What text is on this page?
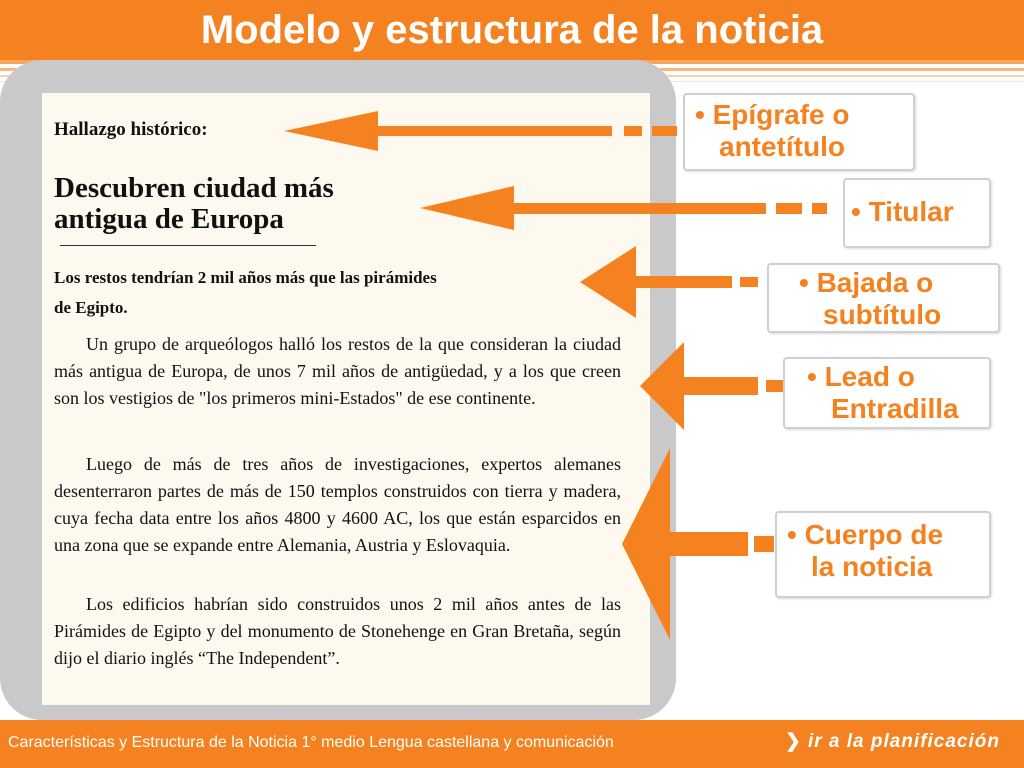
Modelo y estructura de la noticia
Hallazgo histórico:
Descubren ciudad más
antigua de Europa
Los restos tendrían 2 mil años más que las pirámides
de Egipto.

Un grupo de arqueólogos halló los restos de la que consideran la ciudad más antigua de Europa, de unos 7 mil años de antigüedad, y a los que creen son los vestigios de "los primeros mini-Estados" de ese continente.

Luego de más de tres años de investigaciones, expertos alemanes desenterraron partes de más de 150 templos construidos con tierra y madera, cuya fecha data entre los años 4800 y 4600 AC, los que están esparcidos en una zona que se expande entre Alemania, Austria y Eslovaquia.

Los edificios habrían sido construidos unos 2 mil años antes de las Pirámides de Egipto y del monumento de Stonehenge en Gran Bretaña, según dijo el diario inglés “The Independent”.

• Epígrafe o
antetítulo
• Titular
• Bajada o
subtítulo
• Lead o
Entradilla
• Cuerpo de
la noticia
Características y Estructura de la Noticia 1° medio Lengua castellana y comunicación	❯ ir a la planificación
